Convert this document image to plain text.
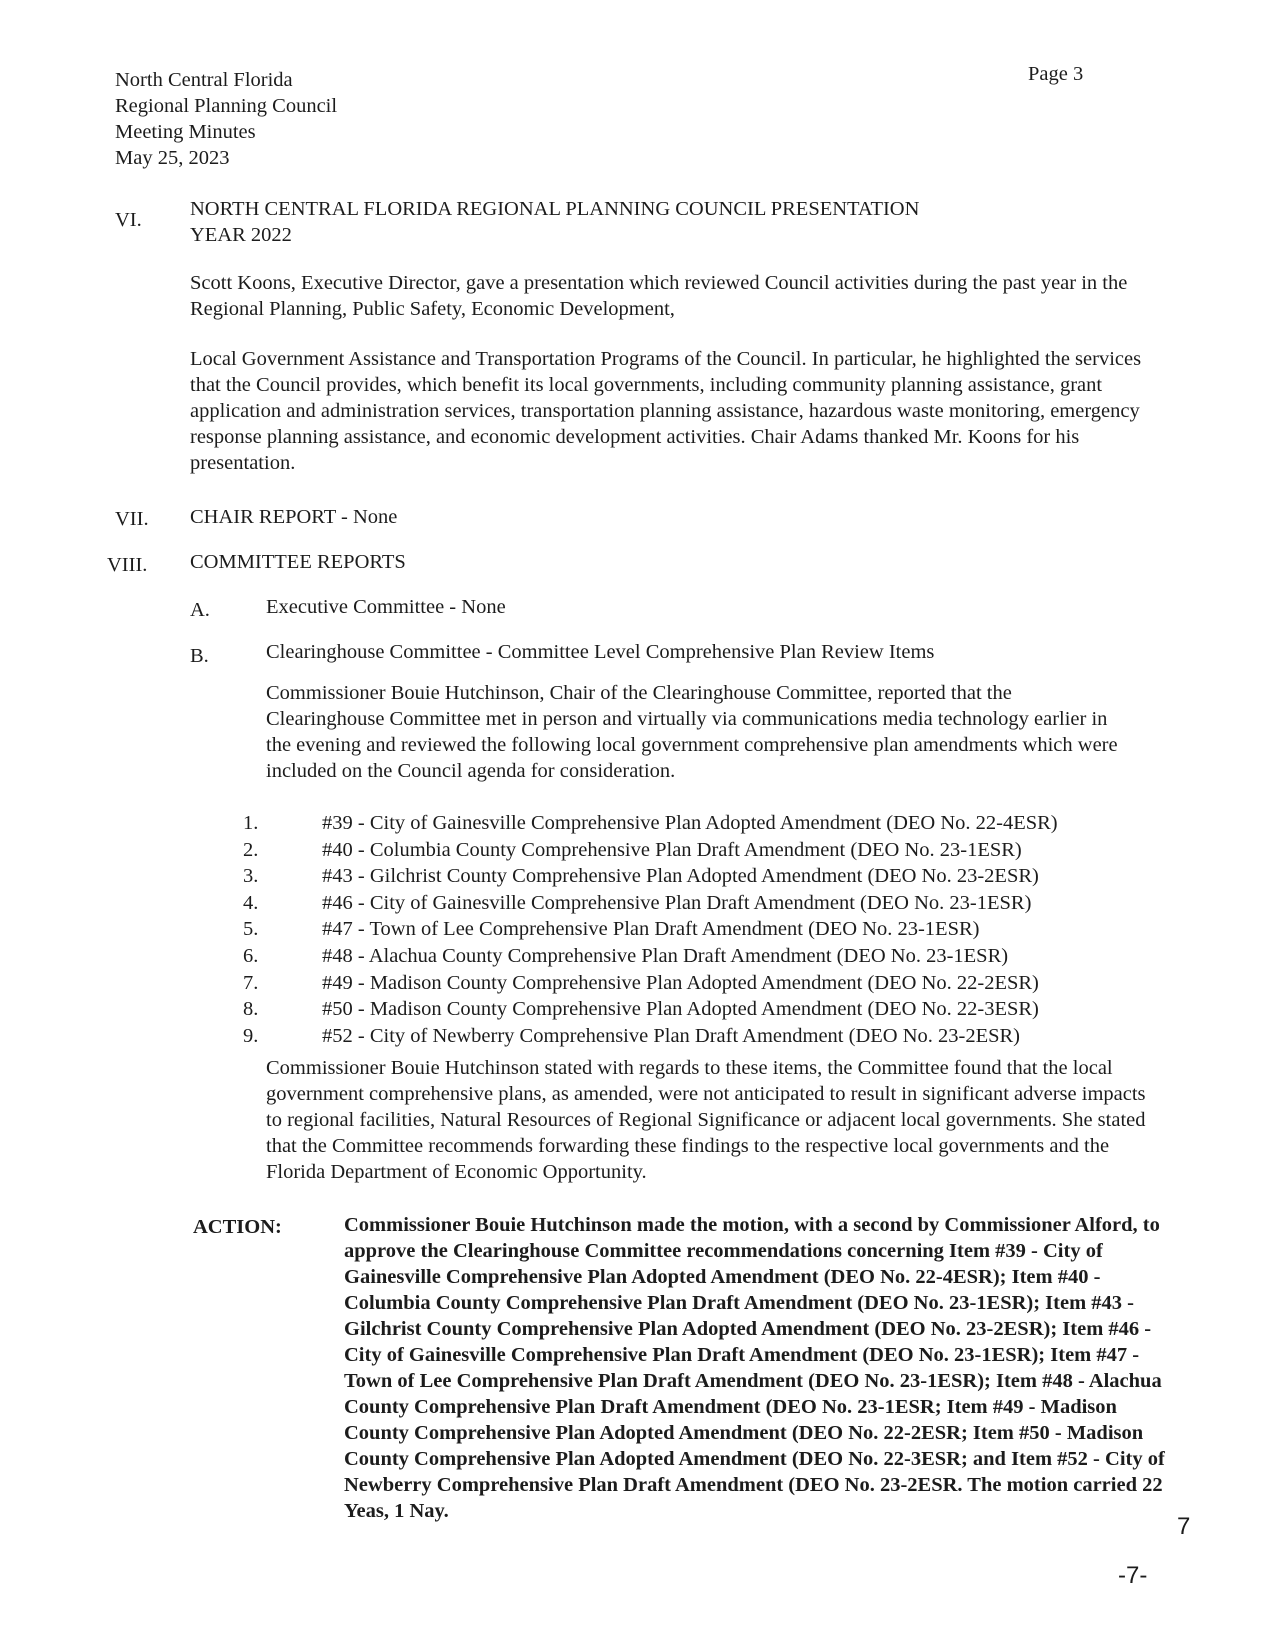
North Central Florida
Regional Planning Council
Meeting Minutes
May 25, 2023
Page 3
VI. NORTH CENTRAL FLORIDA REGIONAL PLANNING COUNCIL PRESENTATION
YEAR 2022
Scott Koons, Executive Director, gave a presentation which reviewed Council activities during the past year in the Regional Planning, Public Safety, Economic Development,
Local Government Assistance and Transportation Programs of the Council. In particular, he highlighted the services that the Council provides, which benefit its local governments, including community planning assistance, grant application and administration services, transportation planning assistance, hazardous waste monitoring, emergency response planning assistance, and economic development activities. Chair Adams thanked Mr. Koons for his presentation.
VII. CHAIR REPORT - None
VIII. COMMITTEE REPORTS
A.	Executive Committee - None
B.	Clearinghouse Committee - Committee Level Comprehensive Plan Review Items
Commissioner Bouie Hutchinson, Chair of the Clearinghouse Committee, reported that the Clearinghouse Committee met in person and virtually via communications media technology earlier in the evening and reviewed the following local government comprehensive plan amendments which were included on the Council agenda for consideration.
1.	#39 - City of Gainesville Comprehensive Plan Adopted Amendment (DEO No. 22-4ESR)
2.	#40 - Columbia County Comprehensive Plan Draft Amendment (DEO No. 23-1ESR)
3.	#43 - Gilchrist County Comprehensive Plan Adopted Amendment (DEO No. 23-2ESR)
4.	#46 - City of Gainesville Comprehensive Plan Draft Amendment (DEO No. 23-1ESR)
5.	#47 - Town of Lee Comprehensive Plan Draft Amendment (DEO No. 23-1ESR)
6.	#48 - Alachua County Comprehensive Plan Draft Amendment (DEO No. 23-1ESR)
7.	#49 - Madison County Comprehensive Plan Adopted Amendment (DEO No. 22-2ESR)
8.	#50 - Madison County Comprehensive Plan Adopted Amendment (DEO No. 22-3ESR)
9.	#52 - City of Newberry Comprehensive Plan Draft Amendment (DEO No. 23-2ESR)
Commissioner Bouie Hutchinson stated with regards to these items, the Committee found that the local government comprehensive plans, as amended, were not anticipated to result in significant adverse impacts to regional facilities, Natural Resources of Regional Significance or adjacent local governments. She stated that the Committee recommends forwarding these findings to the respective local governments and the Florida Department of Economic Opportunity.
ACTION:	Commissioner Bouie Hutchinson made the motion, with a second by Commissioner Alford, to approve the Clearinghouse Committee recommendations concerning Item #39 - City of Gainesville Comprehensive Plan Adopted Amendment (DEO No. 22-4ESR); Item #40 - Columbia County Comprehensive Plan Draft Amendment (DEO No. 23-1ESR); Item #43 - Gilchrist County Comprehensive Plan Adopted Amendment (DEO No. 23-2ESR); Item #46 - City of Gainesville Comprehensive Plan Draft Amendment (DEO No. 23-1ESR); Item #47 - Town of Lee Comprehensive Plan Draft Amendment (DEO No. 23-1ESR); Item #48 - Alachua County Comprehensive Plan Draft Amendment (DEO No. 23-1ESR; Item #49 - Madison County Comprehensive Plan Adopted Amendment (DEO No. 22-2ESR; Item #50 - Madison County Comprehensive Plan Adopted Amendment (DEO No. 22-3ESR; and Item #52 - City of Newberry Comprehensive Plan Draft Amendment (DEO No. 23-2ESR. The motion carried 22 Yeas, 1 Nay.
7
-7-
